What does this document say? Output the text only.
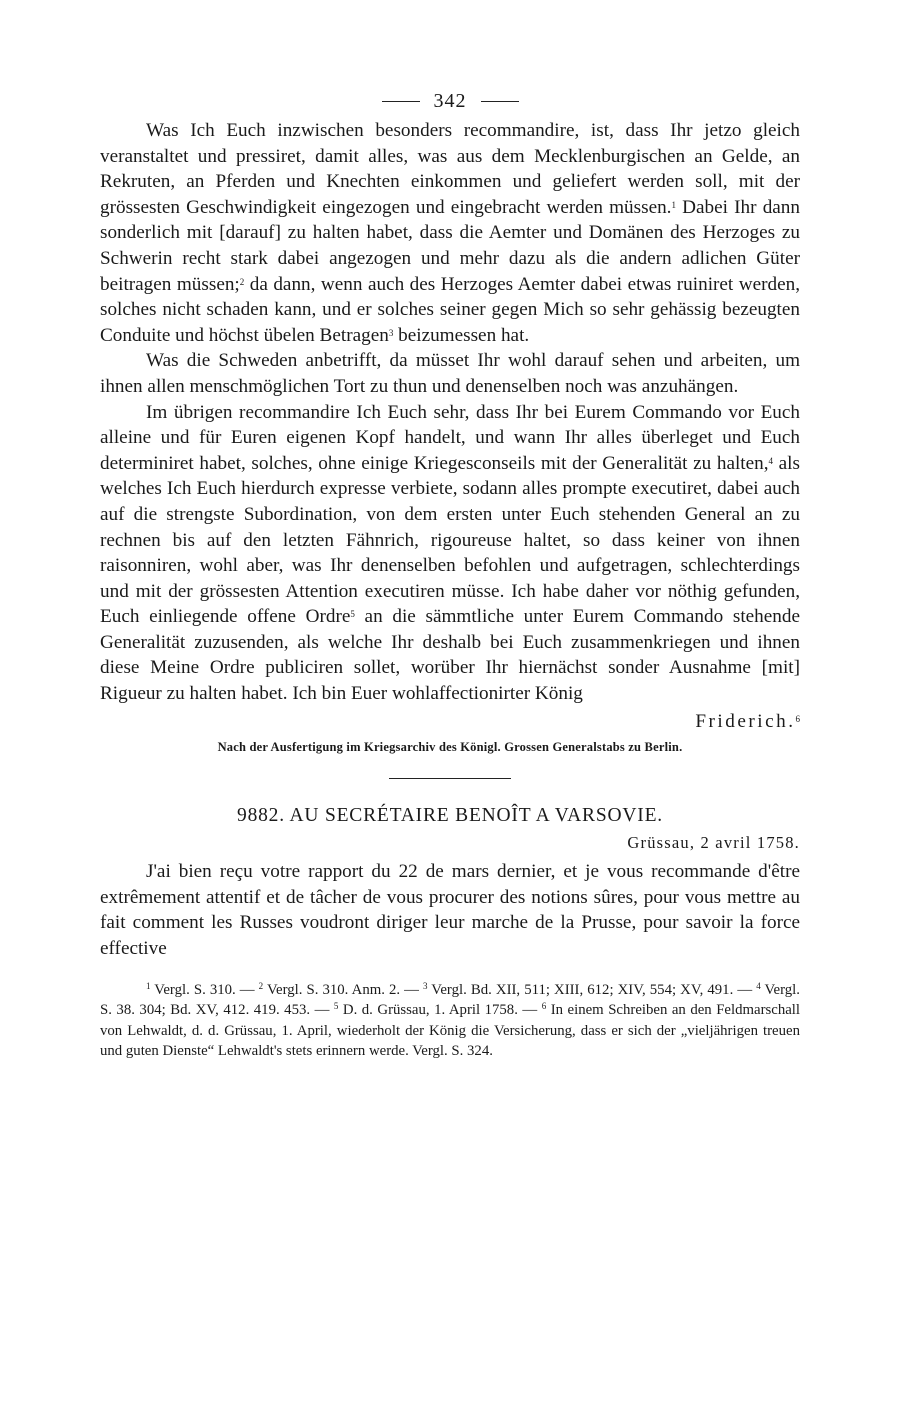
342

Was Ich Euch inzwischen besonders recommandire, ist, dass Ihr jetzo gleich veranstaltet und pressiret, damit alles, was aus dem Mecklenburgischen an Gelde, an Rekruten, an Pferden und Knechten einkommen und geliefert werden soll, mit der grössesten Geschwindigkeit eingezogen und eingebracht werden müssen.$^1$ Dabei Ihr dann sonderlich mit [darauf] zu halten habet, dass die Aemter und Domänen des Herzoges zu Schwerin recht stark dabei angezogen und mehr dazu als die andern adlichen Güter beitragen müssen;$^2$ da dann, wenn auch des Herzoges Aemter dabei etwas ruiniret werden, solches nicht schaden kann, und er solches seiner gegen Mich so sehr gehässig bezeugten Conduite und höchst übelen Betragen$^3$ beizumessen hat.

Was die Schweden anbetrifft, da müsset Ihr wohl darauf sehen und arbeiten, um ihnen allen menschmöglichen Tort zu thun und denenselben noch was anzuhängen.

Im übrigen recommandire Ich Euch sehr, dass Ihr bei Eurem Commando vor Euch alleine und für Euren eigenen Kopf handelt, und wann Ihr alles überleget und Euch determiniret habet, solches, ohne einige Kriegesconseils mit der Generalität zu halten,$^4$ als welches Ich Euch hierdurch expresse verbiete, sodann alles prompte executiret, dabei auch auf die strengste Subordination, von dem ersten unter Euch stehenden General an zu rechnen bis auf den letzten Fähnrich, rigoureuse haltet, so dass keiner von ihnen raisonniren, wohl aber, was Ihr denenselben befohlen und aufgetragen, schlechterdings und mit der grössesten Attention executiren müsse. Ich habe daher vor nöthig gefunden, Euch einliegende offene Ordre$^5$ an die sämmtliche unter Eurem Commando stehende Generalität zuzusenden, als welche Ihr deshalb bei Euch zusammenkriegen und ihnen diese Meine Ordre publiciren sollet, worüber Ihr hiernächst sonder Ausnahme [mit] Rigueur zu halten habet. Ich bin Euer wohlaffectionirter König

Friderich.$^6$
Nach der Ausfertigung im Kriegsarchiv des Königl. Grossen Generalstabs zu Berlin.
9882. AU SECRÉTAIRE BENOÎT A VARSOVIE.
Grüssau, 2 avril 1758.

J'ai bien reçu votre rapport du 22 de mars dernier, et je vous recommande d'être extrêmement attentif et de tâcher de vous procurer des notions sûres, pour vous mettre au fait comment les Russes voudront diriger leur marche de la Prusse, pour savoir la force effective

$^1$ Vergl. S. 310. — $^2$ Vergl. S. 310. Anm. 2. — $^3$ Vergl. Bd. XII, 511; XIII, 612; XIV, 554; XV, 491. — $^4$ Vergl. S. 38. 304; Bd. XV, 412. 419. 453. — $^5$ D. d. Grüssau, 1. April 1758. — $^6$ In einem Schreiben an den Feldmarschall von Lehwaldt, d. d. Grüssau, 1. April, wiederholt der König die Versicherung, dass er sich der „vieljährigen treuen und guten Dienste“ Lehwaldt's stets erinnern werde. Vergl. S. 324.
